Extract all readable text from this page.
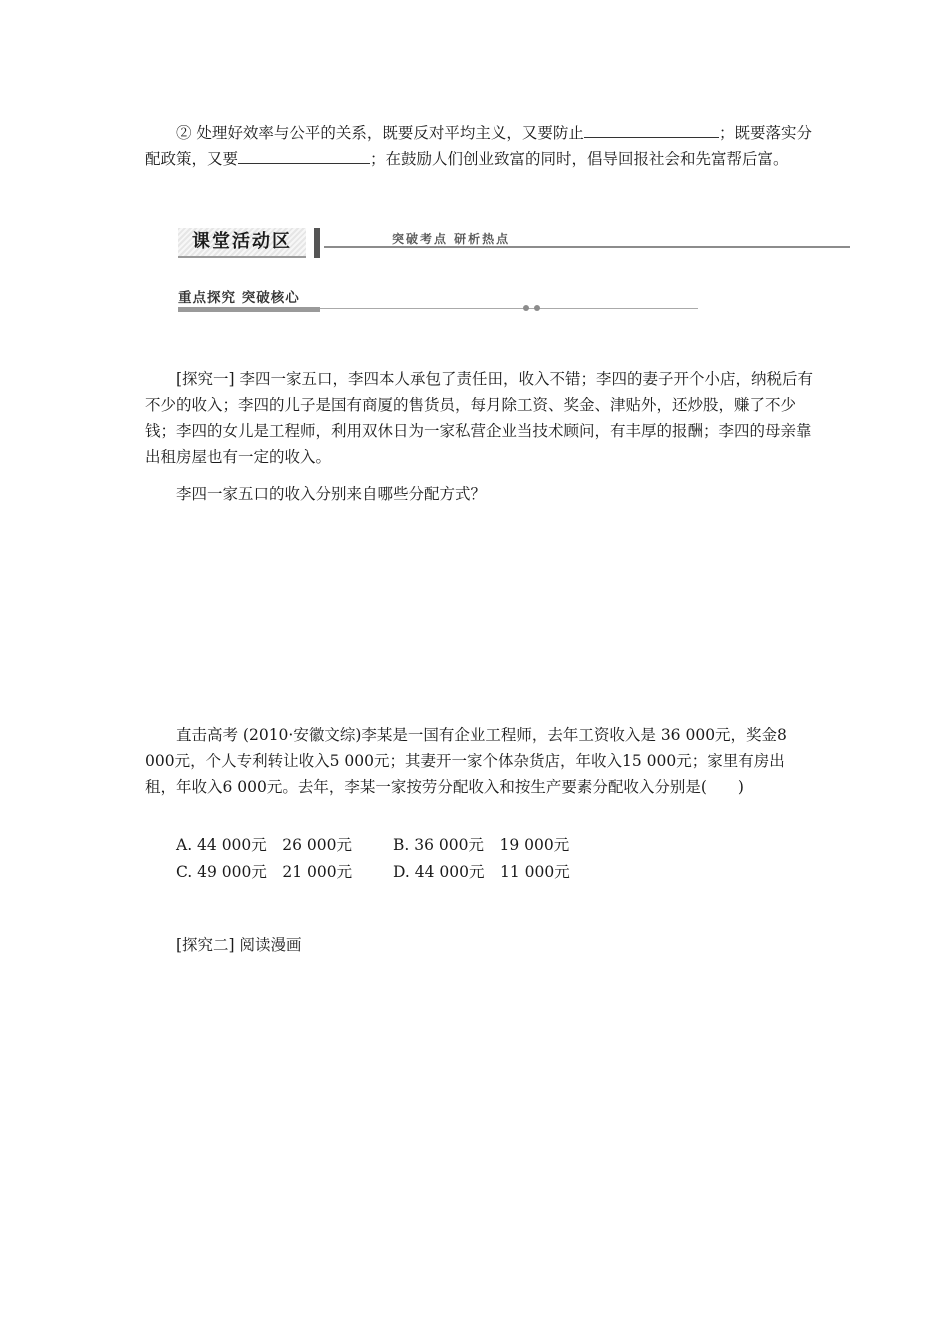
② 处理好效率与公平的关系，既要反对平均主义，又要防止	；既要落实分配政策，又要	；在鼓励人们创业致富的同时，倡导回报社会和先富帮后富。

课堂活动区	突破考点 研析热点
重点探究 突破核心

[探究一] 李四一家五口，李四本人承包了责任田，收入不错；李四的妻子开个小店，纳税后有不少的收入；李四的儿子是国有商厦的售货员，每月除工资、奖金、津贴外，还炒股，赚了不少钱；李四的女儿是工程师，利用双休日为一家私营企业当技术顾问，有丰厚的报酬；李四的母亲靠出租房屋也有一定的收入。

李四一家五口的收入分别来自哪些分配方式？

直击高考 (2010·安徽文综)李某是一国有企业工程师，去年工资收入是 36 000元，奖金8 000元，个人专利转让收入5 000元；其妻开一家个体杂货店，年收入15 000元；家里有房出租，年收入6 000元。去年，李某一家按劳分配收入和按生产要素分配收入分别是(　　)

A. 44 000元　26 000元	B. 36 000元　19 000元
C. 49 000元　21 000元	D. 44 000元　11 000元

[探究二] 阅读漫画
